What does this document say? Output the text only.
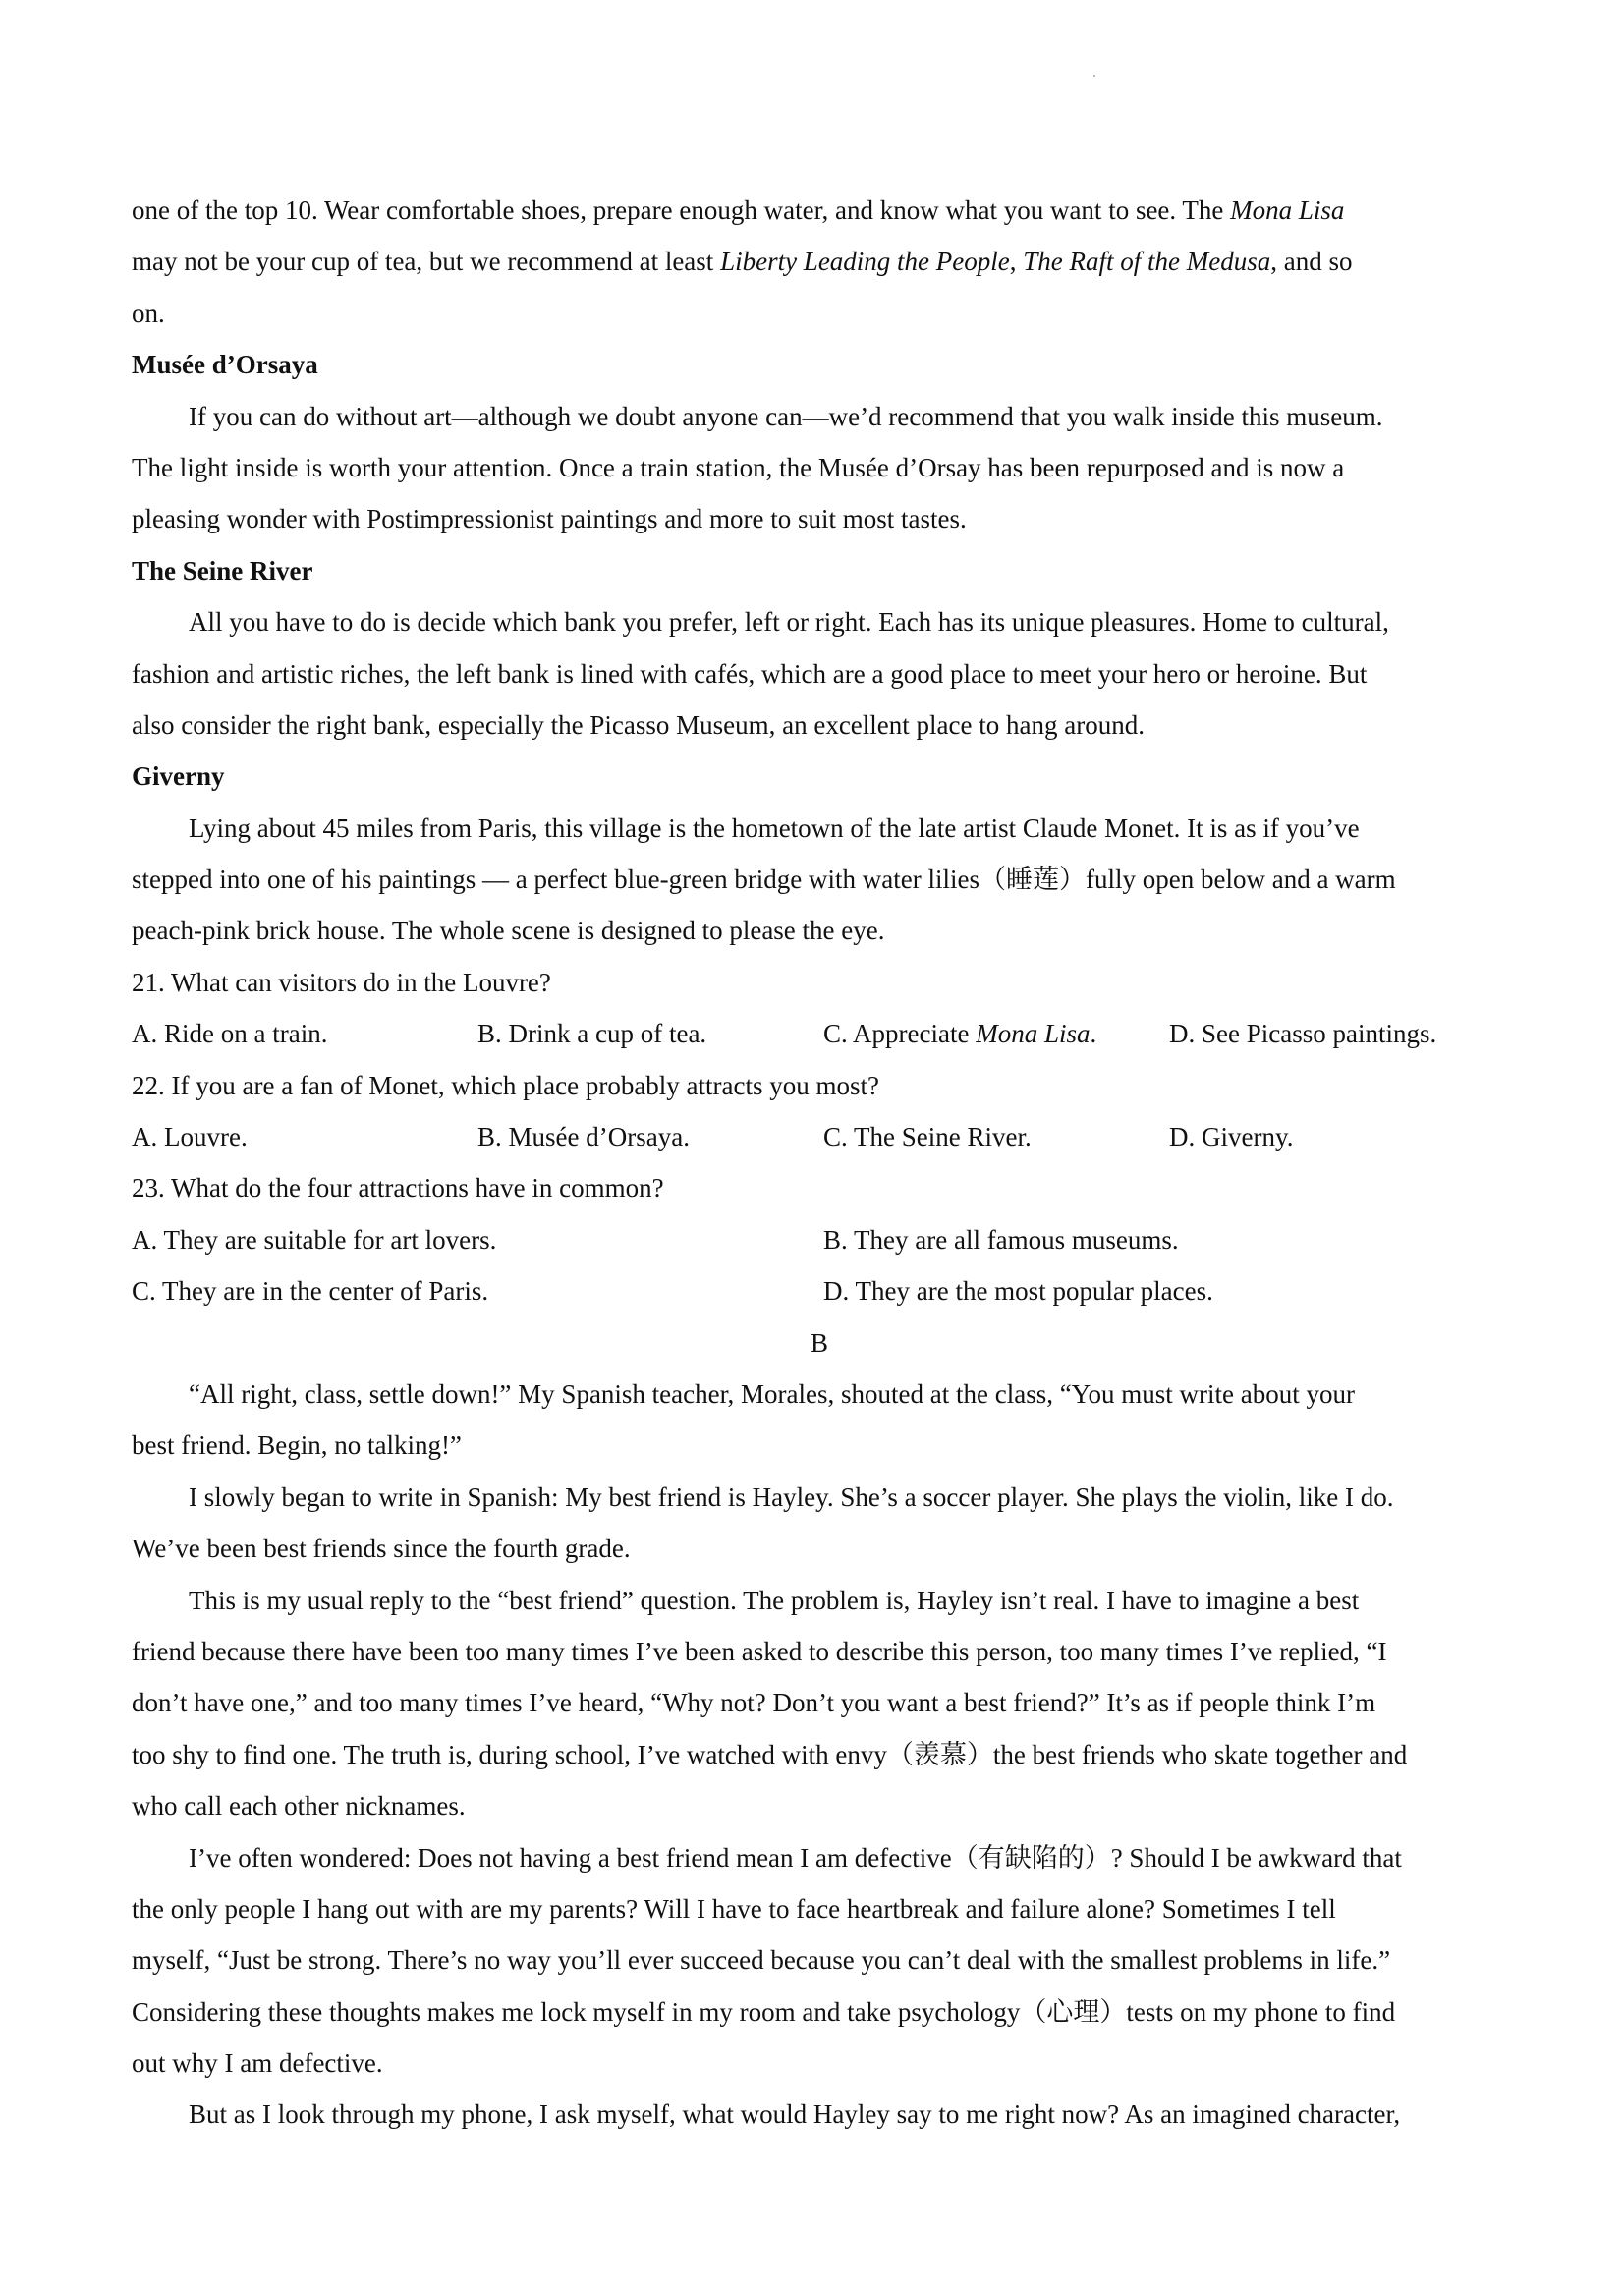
one of the top 10. Wear comfortable shoes, prepare enough water, and know what you want to see. The Mona Lisa
may not be your cup of tea, but we recommend at least Liberty Leading the People, The Raft of the Medusa, and so
on.
Musée d’Orsaya
If you can do without art—although we doubt anyone can—we’d recommend that you walk inside this museum.
The light inside is worth your attention. Once a train station, the Musée d’Orsay has been repurposed and is now a
pleasing wonder with Postimpressionist paintings and more to suit most tastes.
The Seine River
All you have to do is decide which bank you prefer, left or right. Each has its unique pleasures. Home to cultural,
fashion and artistic riches, the left bank is lined with cafés, which are a good place to meet your hero or heroine. But
also consider the right bank, especially the Picasso Museum, an excellent place to hang around.
Giverny
Lying about 45 miles from Paris, this village is the hometown of the late artist Claude Monet. It is as if you’ve
stepped into one of his paintings — a perfect blue-green bridge with water lilies（睡莲）fully open below and a warm
peach-pink brick house. The whole scene is designed to please the eye.
21. What can visitors do in the Louvre?
A. Ride on a train.	B. Drink a cup of tea.	C. Appreciate Mona Lisa.	D. See Picasso paintings.
22. If you are a fan of Monet, which place probably attracts you most?
A. Louvre.	B. Musée d’Orsaya.	C. The Seine River.	D. Giverny.
23. What do the four attractions have in common?
A. They are suitable for art lovers.	B. They are all famous museums.
C. They are in the center of Paris.	D. They are the most popular places.
B
“All right, class, settle down!” My Spanish teacher, Morales, shouted at the class, “You must write about your
best friend. Begin, no talking!”
I slowly began to write in Spanish: My best friend is Hayley. She’s a soccer player. She plays the violin, like I do.
We’ve been best friends since the fourth grade.
This is my usual reply to the “best friend” question. The problem is, Hayley isn’t real. I have to imagine a best
friend because there have been too many times I’ve been asked to describe this person, too many times I’ve replied, “I
don’t have one,” and too many times I’ve heard, “Why not? Don’t you want a best friend?” It’s as if people think I’m
too shy to find one. The truth is, during school, I’ve watched with envy（羡慕）the best friends who skate together and
who call each other nicknames.
I’ve often wondered: Does not having a best friend mean I am defective（有缺陷的）? Should I be awkward that
the only people I hang out with are my parents? Will I have to face heartbreak and failure alone? Sometimes I tell
myself, “Just be strong. There’s no way you’ll ever succeed because you can’t deal with the smallest problems in life.”
Considering these thoughts makes me lock myself in my room and take psychology（心理）tests on my phone to find
out why I am defective.
But as I look through my phone, I ask myself, what would Hayley say to me right now? As an imagined character,
